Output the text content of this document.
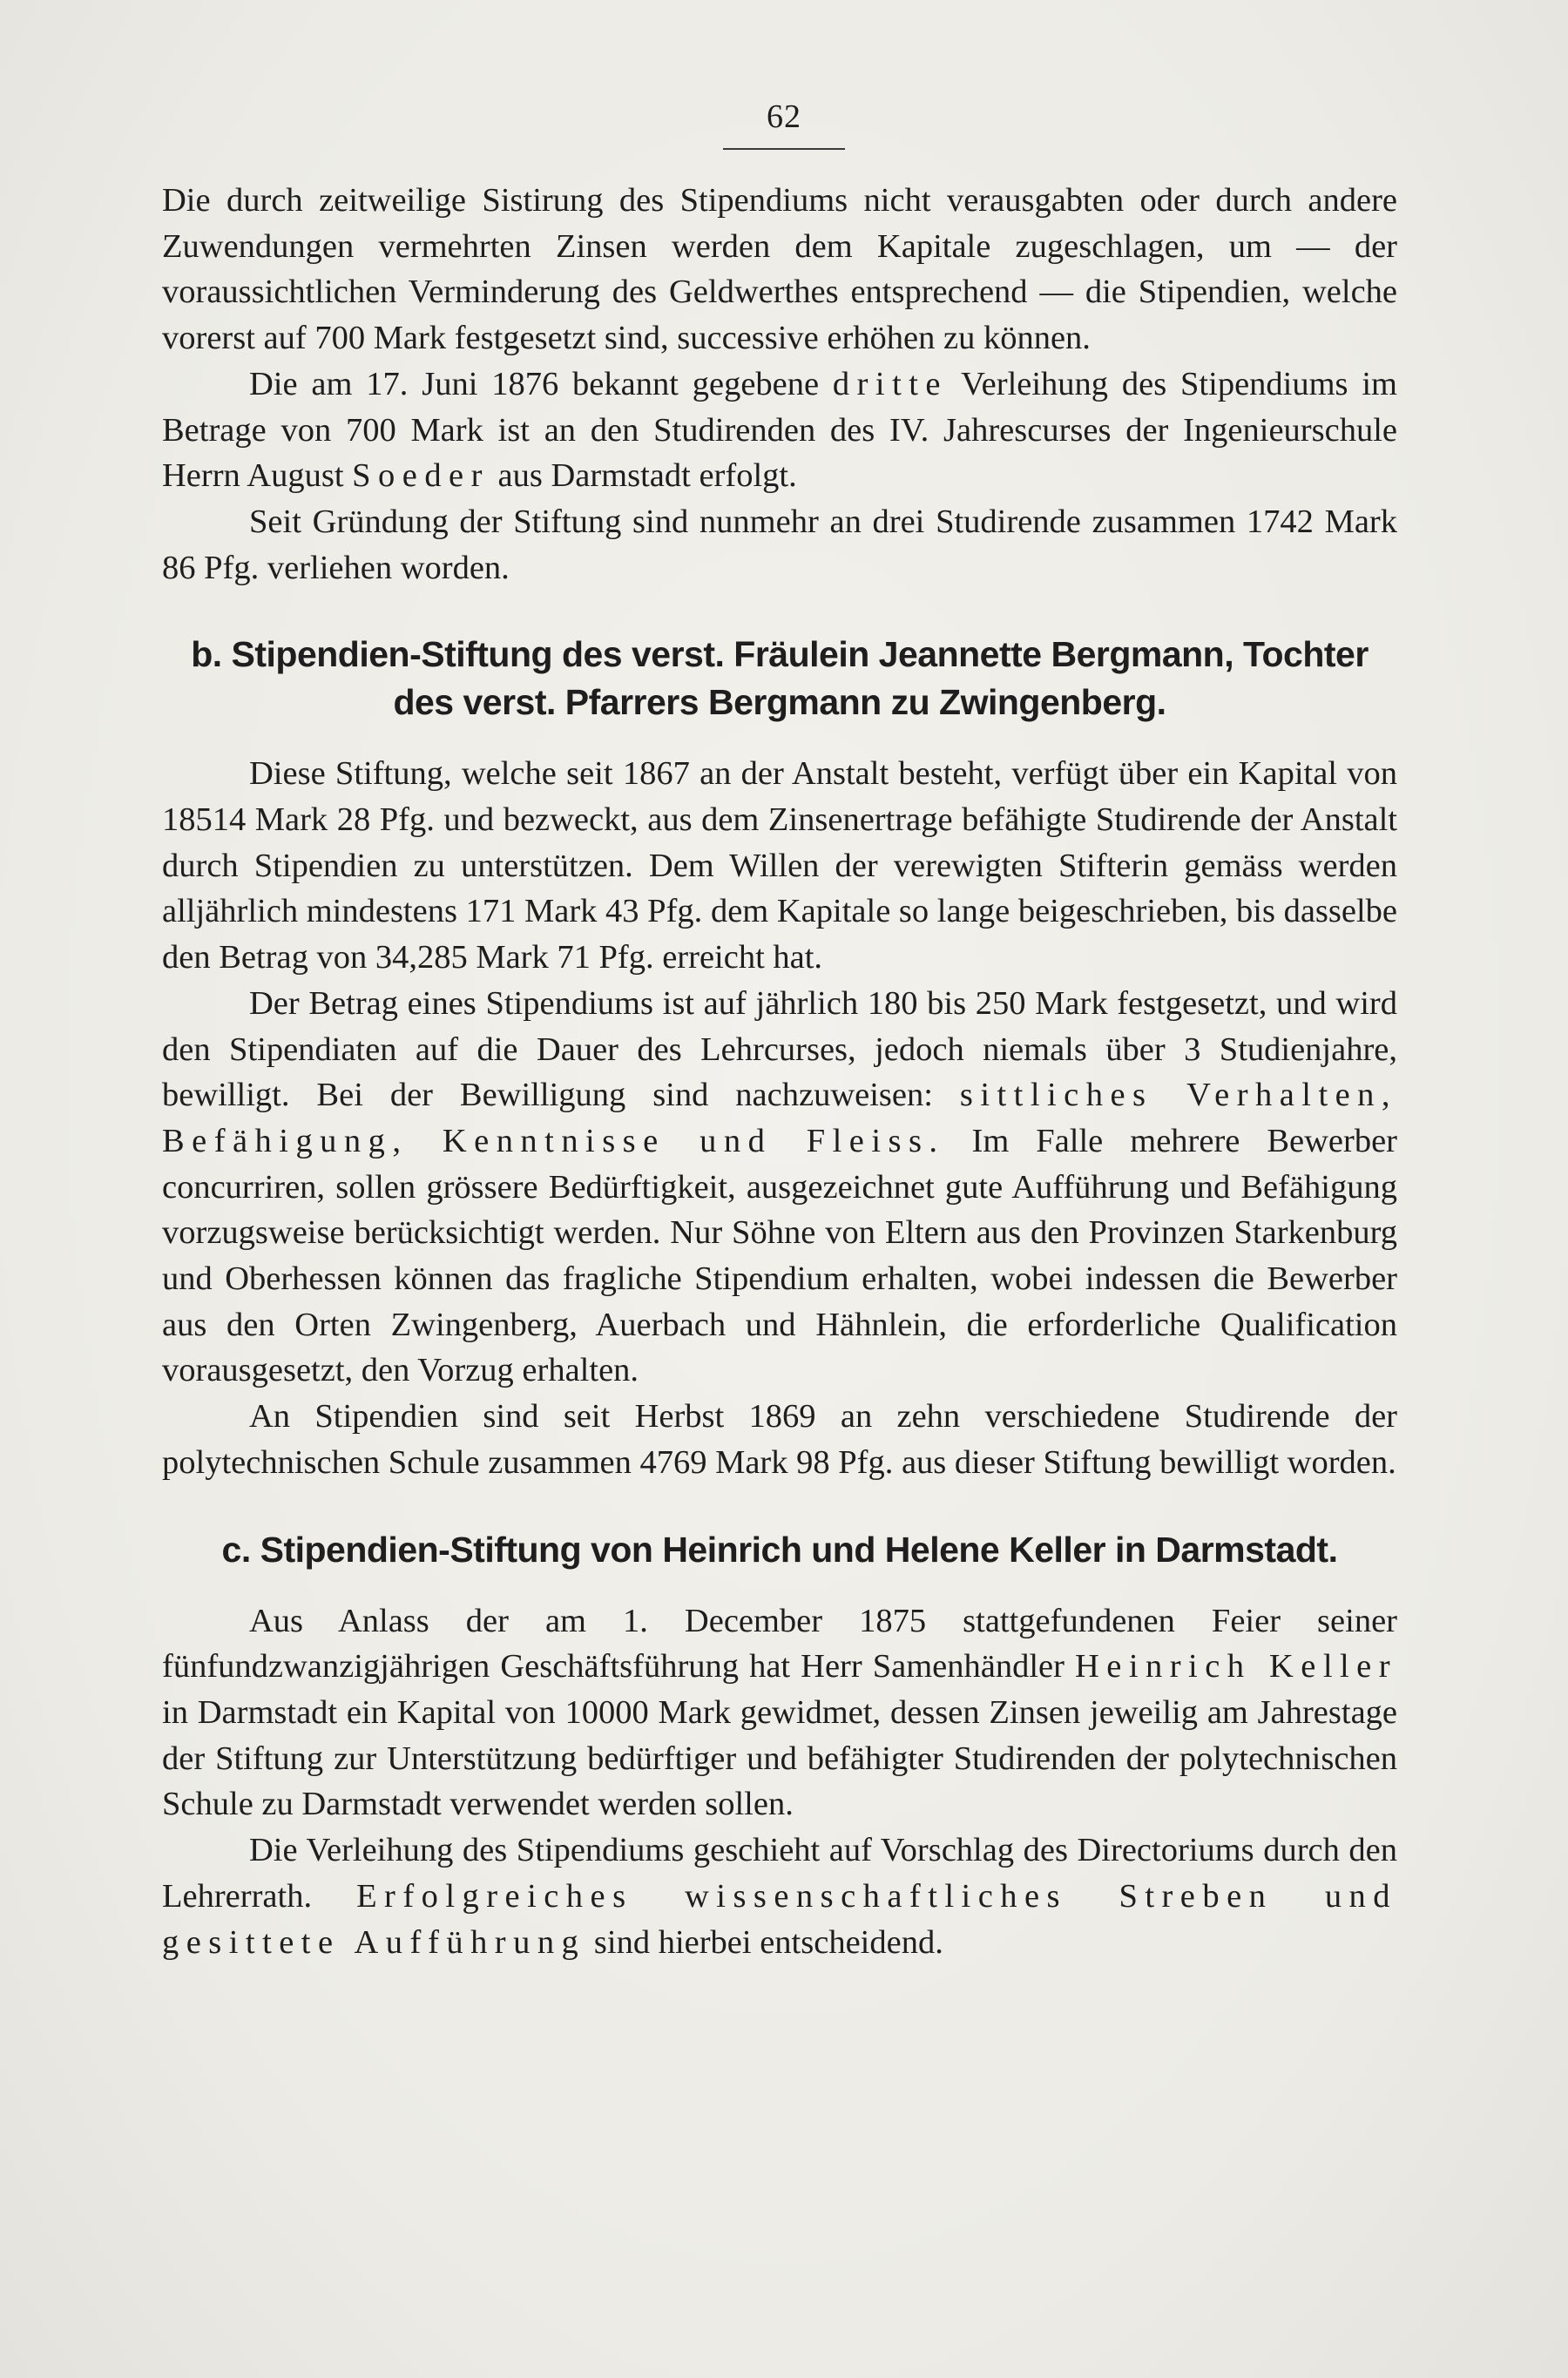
62

Die durch zeitweilige Sistirung des Stipendiums nicht verausgabten oder durch andere Zuwendungen vermehrten Zinsen werden dem Kapitale zugeschlagen, um — der voraussichtlichen Verminderung des Geldwerthes entsprechend — die Stipendien, welche vorerst auf 700 Mark festgesetzt sind, successive erhöhen zu können.

Die am 17. Juni 1876 bekannt gegebene dritte Verleihung des Stipendiums im Betrage von 700 Mark ist an den Studirenden des IV. Jahrescurses der Ingenieurschule Herrn August Soeder aus Darmstadt erfolgt.

Seit Gründung der Stiftung sind nunmehr an drei Studirende zusammen 1742 Mark 86 Pfg. verliehen worden.

b. Stipendien-Stiftung des verst. Fräulein Jeannette Bergmann, Tochter des verst. Pfarrers Bergmann zu Zwingenberg.

Diese Stiftung, welche seit 1867 an der Anstalt besteht, verfügt über ein Kapital von 18514 Mark 28 Pfg. und bezweckt, aus dem Zinsenertrage befähigte Studirende der Anstalt durch Stipendien zu unterstützen. Dem Willen der verewigten Stifterin gemäss werden alljährlich mindestens 171 Mark 43 Pfg. dem Kapitale so lange beigeschrieben, bis dasselbe den Betrag von 34,285 Mark 71 Pfg. erreicht hat.

Der Betrag eines Stipendiums ist auf jährlich 180 bis 250 Mark festgesetzt, und wird den Stipendiaten auf die Dauer des Lehrcurses, jedoch niemals über 3 Studienjahre, bewilligt. Bei der Bewilligung sind nachzuweisen: sittliches Verhalten, Befähigung, Kenntnisse und Fleiss. Im Falle mehrere Bewerber concurriren, sollen grössere Bedürftigkeit, ausgezeichnet gute Aufführung und Befähigung vorzugsweise berücksichtigt werden. Nur Söhne von Eltern aus den Provinzen Starkenburg und Oberhessen können das fragliche Stipendium erhalten, wobei indessen die Bewerber aus den Orten Zwingenberg, Auerbach und Hähnlein, die erforderliche Qualification vorausgesetzt, den Vorzug erhalten.

An Stipendien sind seit Herbst 1869 an zehn verschiedene Studirende der polytechnischen Schule zusammen 4769 Mark 98 Pfg. aus dieser Stiftung bewilligt worden.

c. Stipendien-Stiftung von Heinrich und Helene Keller in Darmstadt.

Aus Anlass der am 1. December 1875 stattgefundenen Feier seiner fünfundzwanzigjährigen Geschäftsführung hat Herr Samenhändler Heinrich Keller in Darmstadt ein Kapital von 10000 Mark gewidmet, dessen Zinsen jeweilig am Jahrestage der Stiftung zur Unterstützung bedürftiger und befähigter Studirenden der polytechnischen Schule zu Darmstadt verwendet werden sollen.

Die Verleihung des Stipendiums geschieht auf Vorschlag des Directoriums durch den Lehrerrath. Erfolgreiches wissenschaftliches Streben und gesittete Aufführung sind hierbei entscheidend.
